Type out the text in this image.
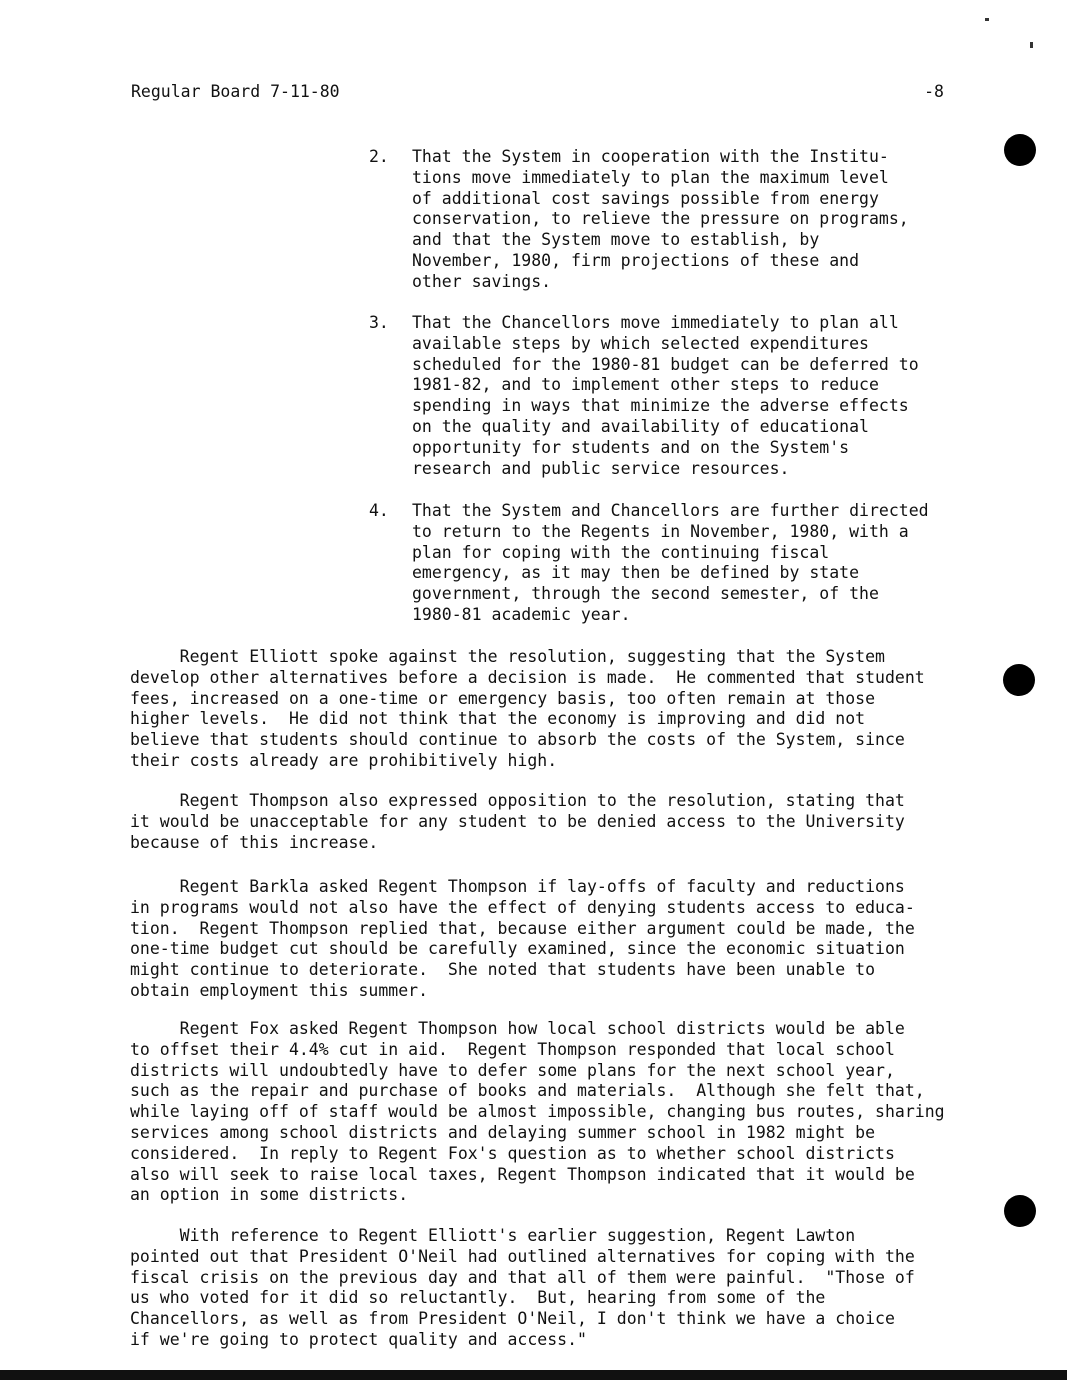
Regular Board 7-11-80	-8
2. That the System in cooperation with the Institu-
tions move immediately to plan the maximum level
of additional cost savings possible from energy
conservation, to relieve the pressure on programs,
and that the System move to establish, by
November, 1980, firm projections of these and
other savings.
3. That the Chancellors move immediately to plan all
available steps by which selected expenditures
scheduled for the 1980-81 budget can be deferred to
1981-82, and to implement other steps to reduce
spending in ways that minimize the adverse effects
on the quality and availability of educational
opportunity for students and on the System's
research and public service resources.
4. That the System and Chancellors are further directed
to return to the Regents in November, 1980, with a
plan for coping with the continuing fiscal
emergency, as it may then be defined by state
government, through the second semester, of the
1980-81 academic year.
Regent Elliott spoke against the resolution, suggesting that the System
develop other alternatives before a decision is made.  He commented that student
fees, increased on a one-time or emergency basis, too often remain at those
higher levels.  He did not think that the economy is improving and did not
believe that students should continue to absorb the costs of the System, since
their costs already are prohibitively high.
Regent Thompson also expressed opposition to the resolution, stating that
it would be unacceptable for any student to be denied access to the University
because of this increase.
Regent Barkla asked Regent Thompson if lay-offs of faculty and reductions
in programs would not also have the effect of denying students access to educa-
tion.  Regent Thompson replied that, because either argument could be made, the
one-time budget cut should be carefully examined, since the economic situation
might continue to deteriorate.  She noted that students have been unable to
obtain employment this summer.
Regent Fox asked Regent Thompson how local school districts would be able
to offset their 4.4% cut in aid.  Regent Thompson responded that local school
districts will undoubtedly have to defer some plans for the next school year,
such as the repair and purchase of books and materials.  Although she felt that,
while laying off of staff would be almost impossible, changing bus routes, sharing
services among school districts and delaying summer school in 1982 might be
considered.  In reply to Regent Fox's question as to whether school districts
also will seek to raise local taxes, Regent Thompson indicated that it would be
an option in some districts.
With reference to Regent Elliott's earlier suggestion, Regent Lawton
pointed out that President O'Neil had outlined alternatives for coping with the
fiscal crisis on the previous day and that all of them were painful.  "Those of
us who voted for it did so reluctantly.  But, hearing from some of the
Chancellors, as well as from President O'Neil, I don't think we have a choice
if we're going to protect quality and access."
